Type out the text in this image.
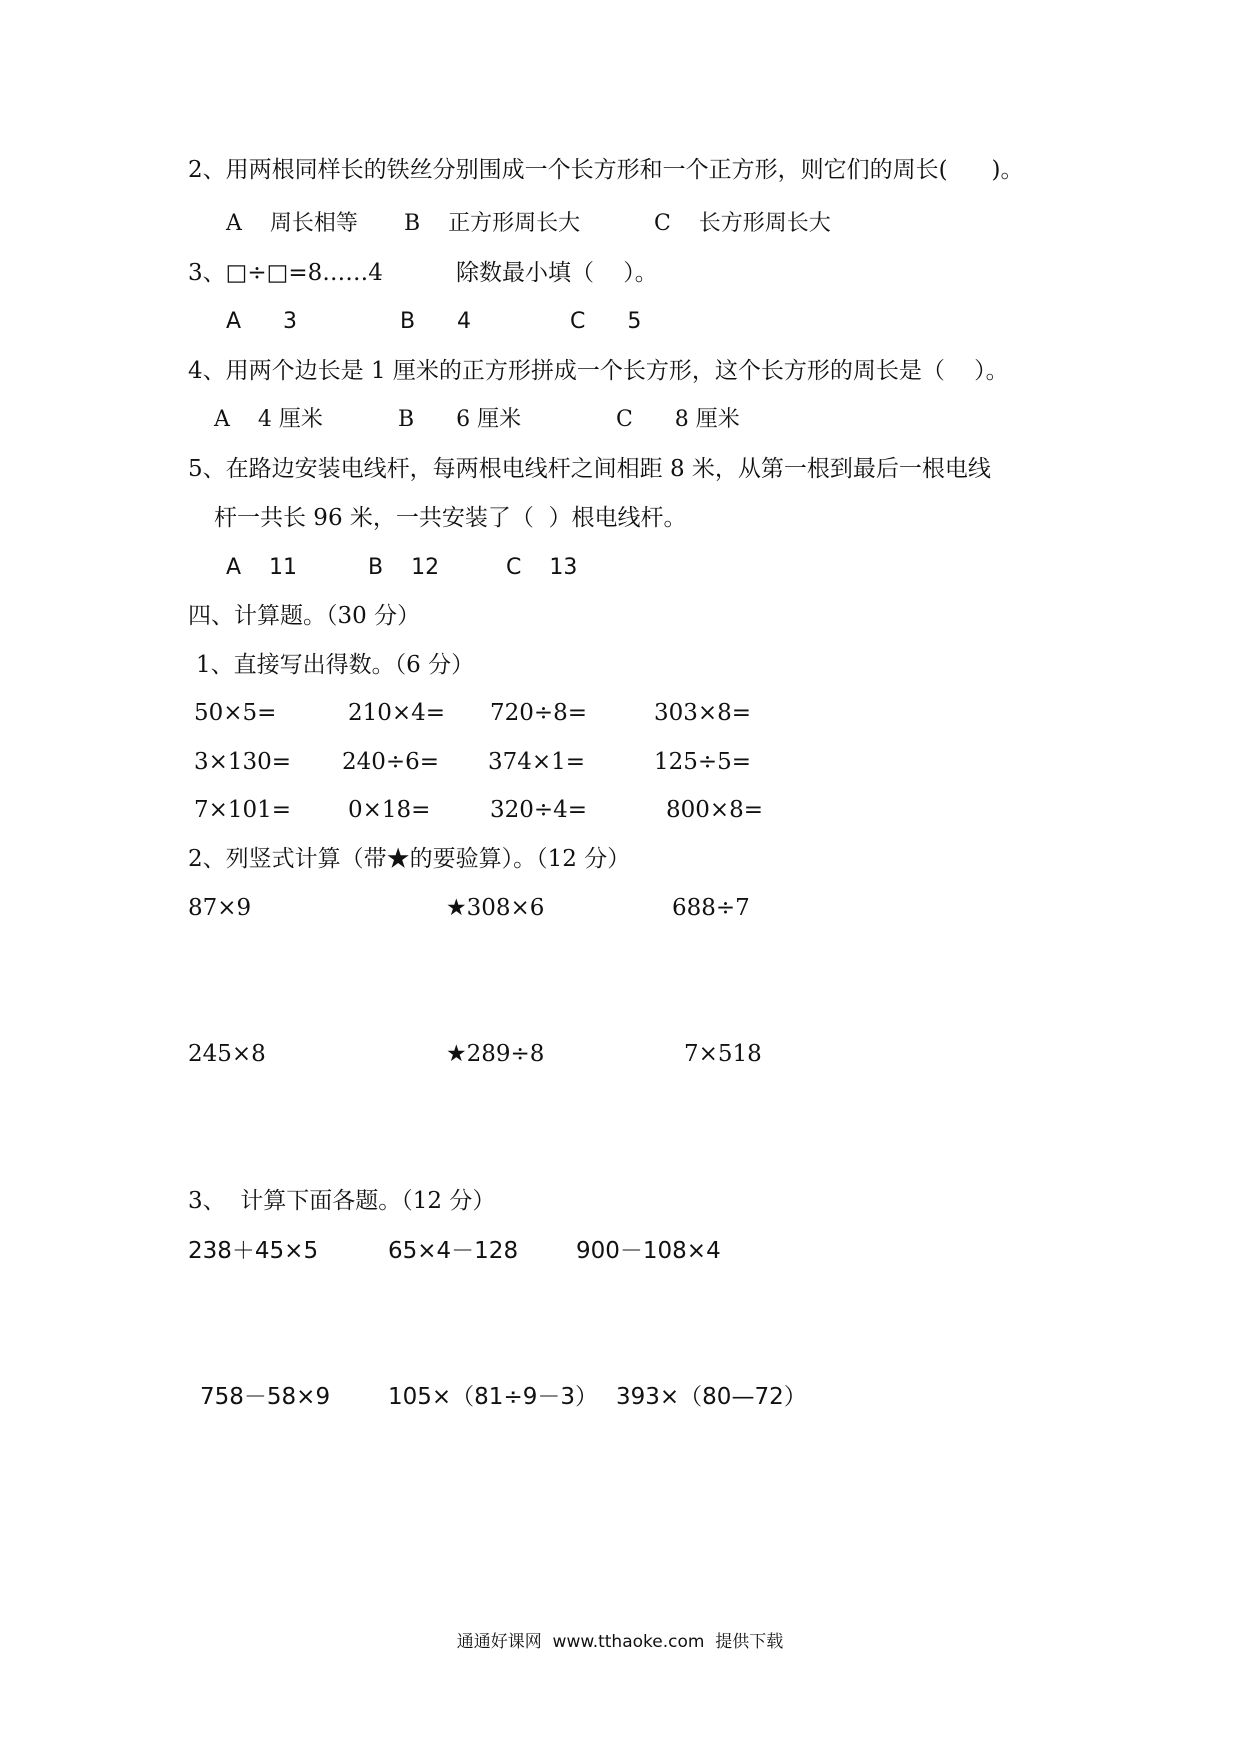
2、用两根同样长的铁丝分别围成一个长方形和一个正方形，则它们的周长(      )。
A    周长相等 B    正方形周长大	C    长方形周长大
3、□÷□=8……4          除数最小填（    ）。
A      3	B      4	C      5
4、用两个边长是 1 厘米的正方形拼成一个长方形，这个长方形的周长是（    ）。
A    4 厘米	B      6 厘米	C      8 厘米
5、在路边安装电线杆，每两根电线杆之间相距 8 米，从第一根到最后一根电线
杆一共长 96 米，一共安装了（  ）根电线杆。
A    11	B    12	C    13
四、计算题。（30 分）
1、直接写出得数。（6 分）
50×5=	210×4= 720÷8=	303×8=
3×130= 240÷6= 374×1=	125÷5=
7×101= 0×18=	320÷4=	800×8=
2、列竖式计算（带★的要验算）。（12 分）
87×9	★308×6	688÷7
245×8	★289÷8	7×518
3、  计算下面各题。（12 分）
238＋45×5	65×4－128	900－108×4
758－58×9	105×（81÷9－3） 393×（80—72）
通通好课网  www.tthaoke.com  提供下载
